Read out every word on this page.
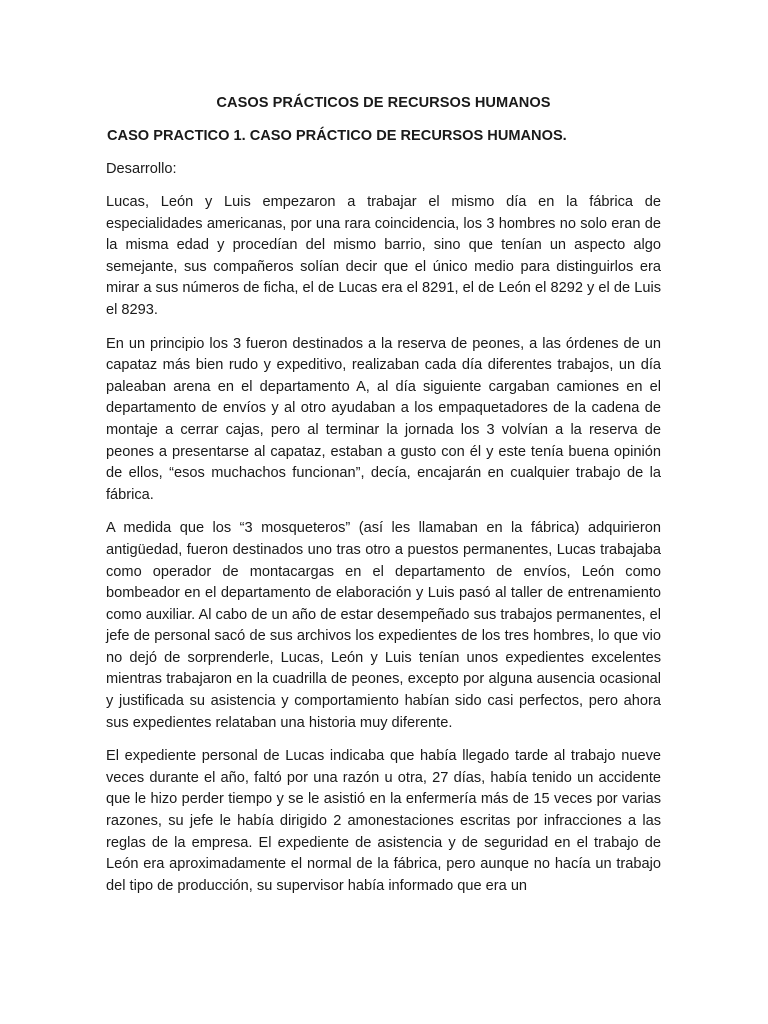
CASOS PRÁCTICOS DE RECURSOS HUMANOS
CASO PRACTICO 1. CASO PRÁCTICO DE RECURSOS HUMANOS.
Desarrollo:

Lucas, León y Luis empezaron a trabajar el mismo día en la fábrica de especialidades americanas, por una rara coincidencia, los 3 hombres no solo eran de la misma edad y procedían del mismo barrio, sino que tenían un aspecto algo semejante, sus compañeros solían decir que el único medio para distinguirlos era mirar a sus números de ficha, el de Lucas era el 8291, el de León el 8292 y el de Luis el 8293.

En un principio los 3 fueron destinados a la reserva de peones, a las órdenes de un capataz más bien rudo y expeditivo, realizaban cada día diferentes trabajos, un día paleaban arena en el departamento A, al día siguiente cargaban camiones en el departamento de envíos y al otro ayudaban a los empaquetadores de la cadena de montaje a cerrar cajas, pero al terminar la jornada los 3 volvían a la reserva de peones a presentarse al capataz, estaban a gusto con él y este tenía buena opinión de ellos, “esos muchachos funcionan”, decía, encajarán en cualquier trabajo de la fábrica.

A medida que los “3 mosqueteros” (así les llamaban en la fábrica) adquirieron antigüedad, fueron destinados uno tras otro a puestos permanentes, Lucas trabajaba como operador de montacargas en el departamento de envíos, León como bombeador en el departamento de elaboración y Luis pasó al taller de entrenamiento como auxiliar. Al cabo de un año de estar desempeñado sus trabajos permanentes, el jefe de personal sacó de sus archivos los expedientes de los tres hombres, lo que vio no dejó de sorprenderle, Lucas, León y Luis tenían unos expedientes excelentes mientras trabajaron en la cuadrilla de peones, excepto por alguna ausencia ocasional y justificada su asistencia y comportamiento habían sido casi perfectos, pero ahora sus expedientes relataban una historia muy diferente.

El expediente personal de Lucas indicaba que había llegado tarde al trabajo nueve veces durante el año, faltó por una razón u otra, 27 días, había tenido un accidente que le hizo perder tiempo y se le asistió en la enfermería más de 15 veces por varias razones, su jefe le había dirigido 2 amonestaciones escritas por infracciones a las reglas de la empresa. El expediente de asistencia y de seguridad en el trabajo de León era aproximadamente el normal de la fábrica, pero aunque no hacía un trabajo del tipo de producción, su supervisor había informado que era un
